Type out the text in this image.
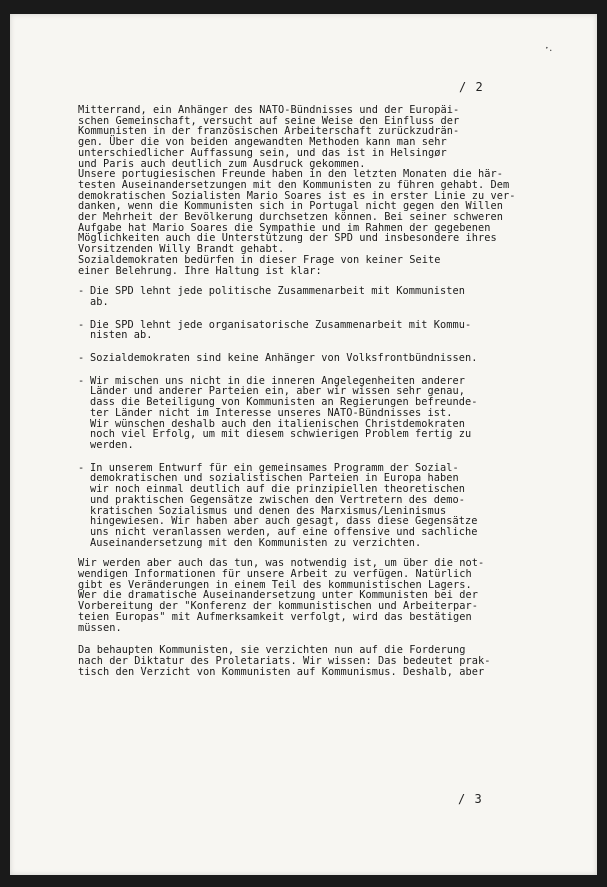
·‧
/ 2
Mitterrand, ein Anhänger des NATO-Bündnisses und der Europäi-
schen Gemeinschaft, versucht auf seine Weise den Einfluss der
Kommunisten in der französischen Arbeiterschaft zurückzudrän-
gen. Über die von beiden angewandten Methoden kann man sehr
unterschiedlicher Auffassung sein, und das ist in Helsingør
und Paris auch deutlich zum Ausdruck gekommen.
Unsere portugiesischen Freunde haben in den letzten Monaten die här-
testen Auseinandersetzungen mit den Kommunisten zu führen gehabt. Dem
demokratischen Sozialisten Mario Soares ist es in erster Linie zu ver-
danken, wenn die Kommunisten sich in Portugal nicht gegen den Willen
der Mehrheit der Bevölkerung durchsetzen können. Bei seiner schweren
Aufgabe hat Mario Soares die Sympathie und im Rahmen der gegebenen
Möglichkeiten auch die Unterstützung der SPD und insbesondere ihres
Vorsitzenden Willy Brandt gehabt.
Sozialdemokraten bedürfen in dieser Frage von keiner Seite
einer Belehrung. Ihre Haltung ist klar:
- Die SPD lehnt jede politische Zusammenarbeit mit Kommunisten
ab.
- Die SPD lehnt jede organisatorische Zusammenarbeit mit Kommu-
nisten ab.
- Sozialdemokraten sind keine Anhänger von Volksfrontbündnissen.
- Wir mischen uns nicht in die inneren Angelegenheiten anderer
Länder und anderer Parteien ein, aber wir wissen sehr genau,
dass die Beteiligung von Kommunisten an Regierungen befreunde-
ter Länder nicht im Interesse unseres NATO-Bündnisses ist.
Wir wünschen deshalb auch den italienischen Christdemokraten
noch viel Erfolg, um mit diesem schwierigen Problem fertig zu
werden.
- In unserem Entwurf für ein gemeinsames Programm der Sozial-
demokratischen und sozialistischen Parteien in Europa haben
wir noch einmal deutlich auf die prinzipiellen theoretischen
und praktischen Gegensätze zwischen den Vertretern des demo-
kratischen Sozialismus und denen des Marxismus/Leninismus
hingewiesen. Wir haben aber auch gesagt, dass diese Gegensätze
uns nicht veranlassen werden, auf eine offensive und sachliche
Auseinandersetzung mit den Kommunisten zu verzichten.
Wir werden aber auch das tun, was notwendig ist, um über die not-
wendigen Informationen für unsere Arbeit zu verfügen. Natürlich
gibt es Veränderungen in einem Teil des kommunistischen Lagers.
Wer die dramatische Auseinandersetzung unter Kommunisten bei der
Vorbereitung der "Konferenz der kommunistischen und Arbeiterpar-
teien Europas" mit Aufmerksamkeit verfolgt, wird das bestätigen
müssen.
Da behaupten Kommunisten, sie verzichten nun auf die Forderung
nach der Diktatur des Proletariats. Wir wissen: Das bedeutet prak-
tisch den Verzicht von Kommunisten auf Kommunismus. Deshalb, aber
/ 3
